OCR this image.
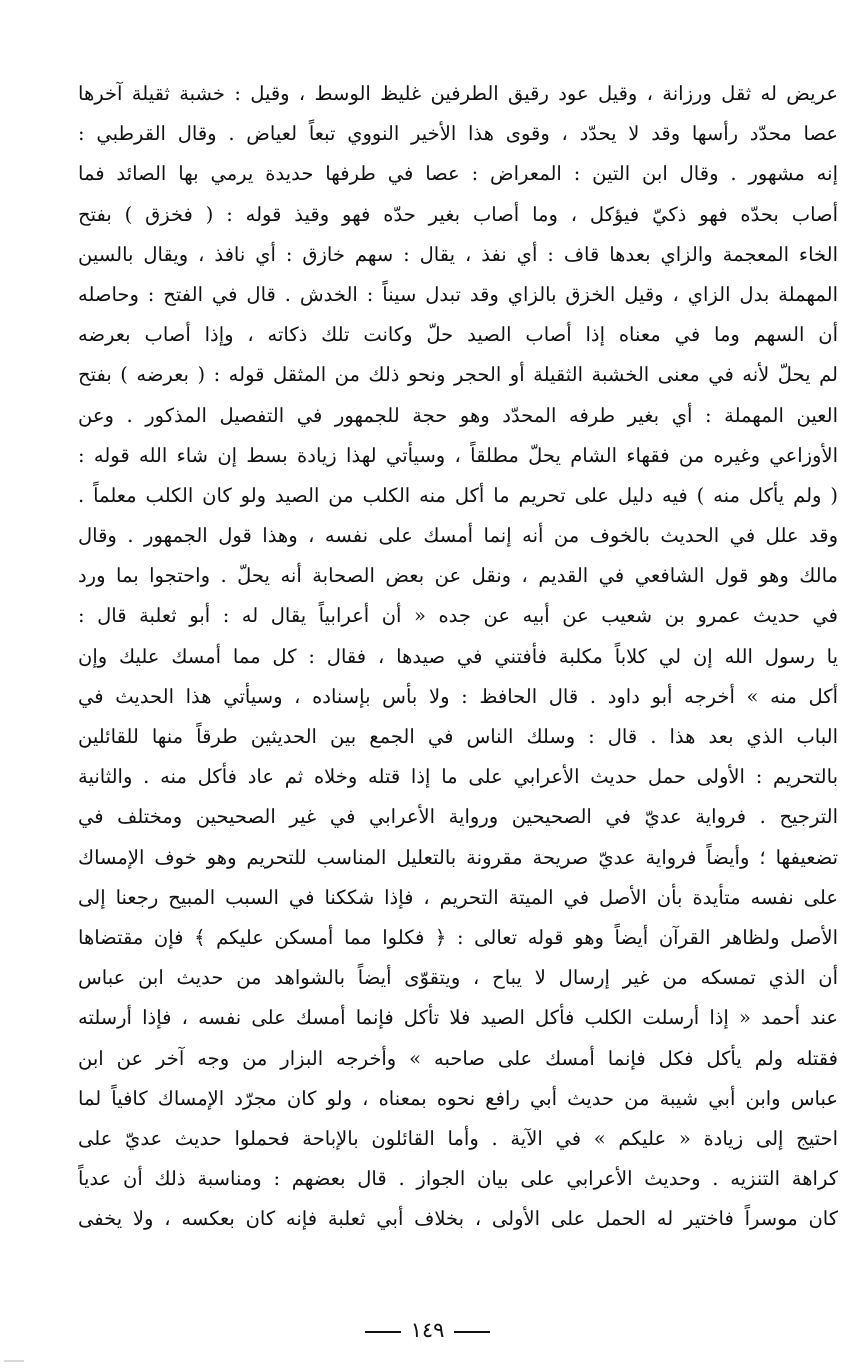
عريض له ثقل ورزانة ، وقيل عود رقيق الطرفين غليظ الوسط ، وقيل : خشبة ثقيلة آخرها
عصا محدّد رأسها وقد لا يحدّد ، وقوى هذا الأخير النووي تبعاً لعياض . وقال القرطبي :
إنه مشهور . وقال ابن التين : المعراض : عصا في طرفها حديدة يرمي بها الصائد فما
أصاب بحدّه فهو ذكيّ فيؤكل ، وما أصاب بغير حدّه فهو وقيذ قوله : ( فخزق ) بفتح
الخاء المعجمة والزاي بعدها قاف : أي نفذ ، يقال : سهم خازق : أي نافذ ، ويقال بالسين
المهملة بدل الزاي ، وقيل الخزق بالزاي وقد تبدل سيناً : الخدش . قال في الفتح : وحاصله
أن السهم وما في معناه إذا أصاب الصيد حلّ وكانت تلك ذكاته ، وإذا أصاب بعرضه
لم يحلّ لأنه في معنى الخشبة الثقيلة أو الحجر ونحو ذلك من المثقل قوله : ( بعرضه ) بفتح
العين المهملة : أي بغير طرفه المحدّد وهو حجة للجمهور في التفصيل المذكور . وعن
الأوزاعي وغيره من فقهاء الشام يحلّ مطلقاً ، وسيأتي لهذا زيادة بسط إن شاء الله قوله :
( ولم يأكل منه ) فيه دليل على تحريم ما أكل منه الكلب من الصيد ولو كان الكلب معلماً .
وقد علل في الحديث بالخوف من أنه إنما أمسك على نفسه ، وهذا قول الجمهور . وقال
مالك وهو قول الشافعي في القديم ، ونقل عن بعض الصحابة أنه يحلّ . واحتجوا بما ورد
في حديث عمرو بن شعيب عن أبيه عن جده « أن أعرابياً يقال له : أبو ثعلبة قال :
يا رسول الله إن لي كلاباً مكلبة فأفتني في صيدها ، فقال : كل مما أمسك عليك وإن
أكل منه » أخرجه أبو داود . قال الحافظ : ولا بأس بإسناده ، وسيأتي هذا الحديث في
الباب الذي بعد هذا . قال : وسلك الناس في الجمع بين الحديثين طرقاً منها للقائلين
بالتحريم : الأولى حمل حديث الأعرابي على ما إذا قتله وخلاه ثم عاد فأكل منه . والثانية
الترجيح . فرواية عديّ في الصحيحين ورواية الأعرابي في غير الصحيحين ومختلف في
تضعيفها ؛ وأيضاً فرواية عديّ صريحة مقرونة بالتعليل المناسب للتحريم وهو خوف الإمساك
على نفسه متأيدة بأن الأصل في الميتة التحريم ، فإذا شككنا في السبب المبيح رجعنا إلى
الأصل ولظاهر القرآن أيضاً وهو قوله تعالى : ﴿ فكلوا مما أمسكن عليكم ﴾ فإن مقتضاها
أن الذي تمسكه من غير إرسال لا يباح ، ويتقوّى أيضاً بالشواهد من حديث ابن عباس
عند أحمد « إذا أرسلت الكلب فأكل الصيد فلا تأكل فإنما أمسك على نفسه ، فإذا أرسلته
فقتله ولم يأكل فكل فإنما أمسك على صاحبه » وأخرجه البزار من وجه آخر عن ابن
عباس وابن أبي شيبة من حديث أبي رافع نحوه بمعناه ، ولو كان مجرّد الإمساك كافياً لما
احتيج إلى زيادة « عليكم » في الآية . وأما القائلون بالإباحة فحملوا حديث عديّ على
كراهة التنزيه . وحديث الأعرابي على بيان الجواز . قال بعضهم : ومناسبة ذلك أن عدياً
كان موسراً فاختير له الحمل على الأولى ، بخلاف أبي ثعلبة فإنه كان بعكسه ، ولا يخفى
١٤٩
